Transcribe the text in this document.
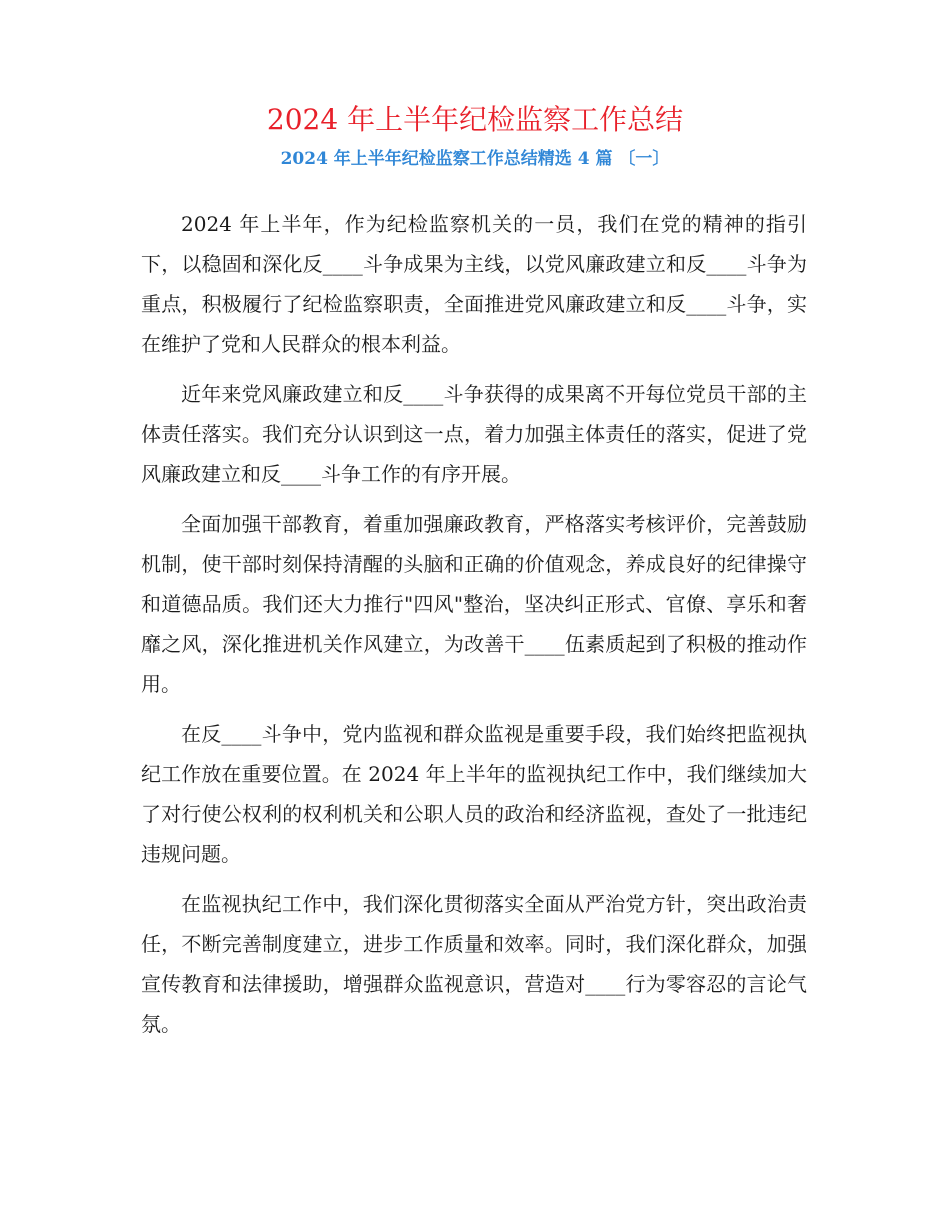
2024 年上半年纪检监察工作总结
2024 年上半年纪检监察工作总结精选 4 篇 〔一〕

2024 年上半年，作为纪检监察机关的一员，我们在党的精神的指引下，以稳固和深化反____斗争成果为主线，以党风廉政建立和反____斗争为重点，积极履行了纪检监察职责，全面推进党风廉政建立和反____斗争，实在维护了党和人民群众的根本利益。

近年来党风廉政建立和反____斗争获得的成果离不开每位党员干部的主体责任落实。我们充分认识到这一点，着力加强主体责任的落实，促进了党风廉政建立和反____斗争工作的有序开展。

全面加强干部教育，着重加强廉政教育，严格落实考核评价，完善鼓励机制，使干部时刻保持清醒的头脑和正确的价值观念，养成良好的纪律操守和道德品质。我们还大力推行"四风"整治，坚决纠正形式、官僚、享乐和奢靡之风，深化推进机关作风建立，为改善干____伍素质起到了积极的推动作用。

在反____斗争中，党内监视和群众监视是重要手段，我们始终把监视执纪工作放在重要位置。在 2024 年上半年的监视执纪工作中，我们继续加大了对行使公权利的权利机关和公职人员的政治和经济监视，查处了一批违纪违规问题。

在监视执纪工作中，我们深化贯彻落实全面从严治党方针，突出政治责任，不断完善制度建立，进步工作质量和效率。同时，我们深化群众，加强宣传教育和法律援助，增强群众监视意识，营造对____行为零容忍的言论气氛。
